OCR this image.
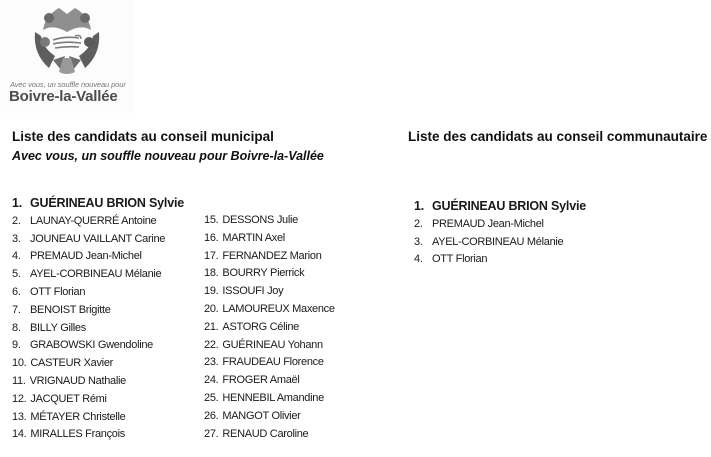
Avec vous, un souffle nouveau pour
Boivre-la-Vallée
Liste des candidats au conseil municipal
Avec vous, un souffle nouveau pour Boivre-la-Vallée
1. GUÉRINEAU BRION Sylvie
2. LAUNAY-QUERRÉ Antoine
3. JOUNEAU VAILLANT Carine
4. PREMAUD Jean-Michel
5. AYEL-CORBINEAU Mélanie
6. OTT Florian
7. BENOIST Brigitte
8. BILLY Gilles
9. GRABOWSKI Gwendoline
10. CASTEUR Xavier
11. VRIGNAUD Nathalie
12. JACQUET Rémi
13. MÉTAYER Christelle
14. MIRALLES François
15. DESSONS Julie
16. MARTIN Axel
17. FERNANDEZ Marion
18. BOURRY Pierrick
19. ISSOUFI Joy
20. LAMOUREUX Maxence
21. ASTORG Céline
22. GUÉRINEAU Yohann
23. FRAUDEAU Florence
24. FROGER Amaël
25. HENNEBIL Amandine
26. MANGOT Olivier
27. RENAUD Caroline
Liste des candidats au conseil communautaire
1. GUÉRINEAU BRION Sylvie
2. PREMAUD Jean-Michel
3. AYEL-CORBINEAU Mélanie
4. OTT Florian
